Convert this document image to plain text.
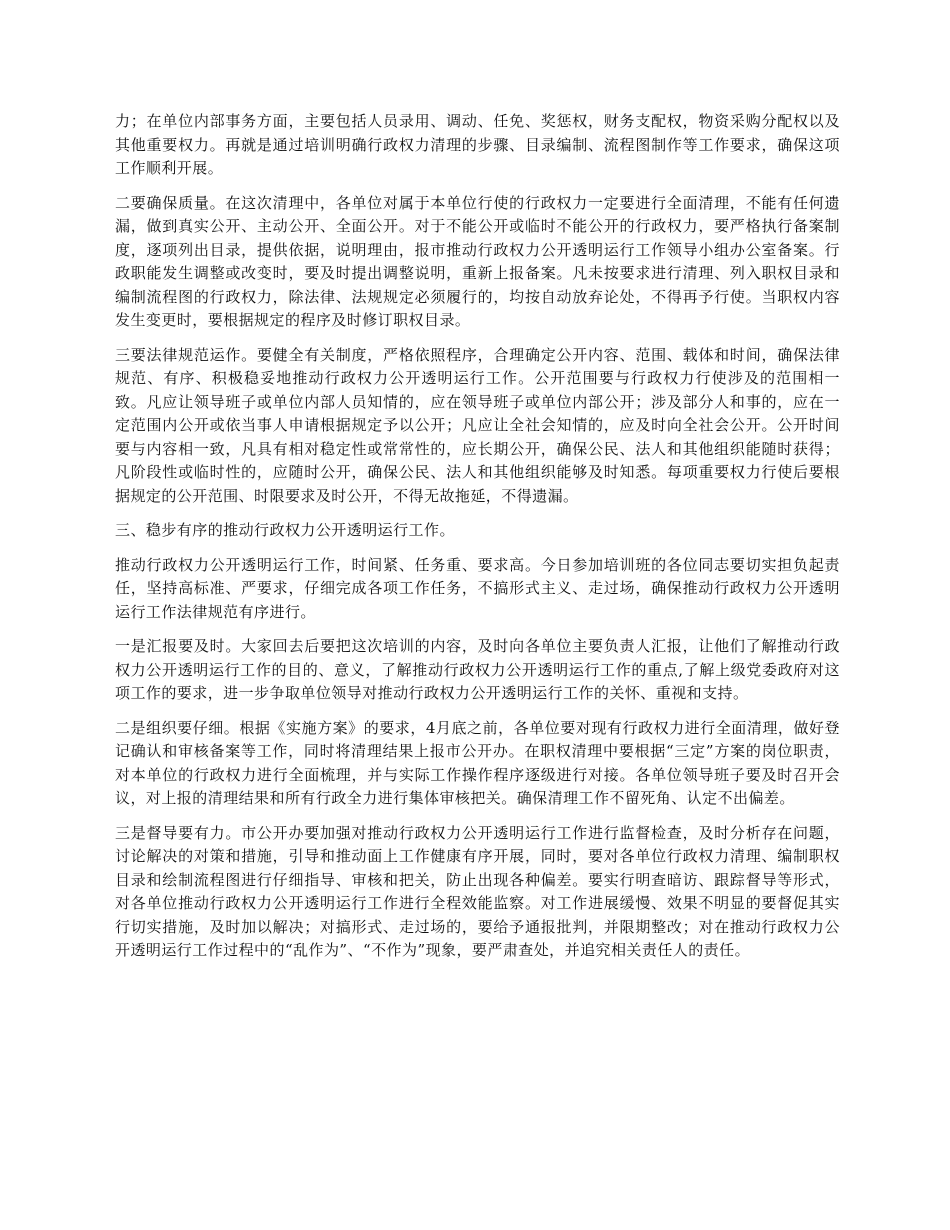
力；在单位内部事务方面，主要包括人员录用、调动、任免、奖惩权，财务支配权，物资采购分配权以及其他重要权力。再就是通过培训明确行政权力清理的步骤、目录编制、流程图制作等工作要求，确保这项工作顺利开展。

二要确保质量。在这次清理中，各单位对属于本单位行使的行政权力一定要进行全面清理，不能有任何遗漏，做到真实公开、主动公开、全面公开。对于不能公开或临时不能公开的行政权力，要严格执行备案制度，逐项列出目录，提供依据，说明理由，报市推动行政权力公开透明运行工作领导小组办公室备案。行政职能发生调整或改变时，要及时提出调整说明，重新上报备案。凡未按要求进行清理、列入职权目录和编制流程图的行政权力，除法律、法规规定必须履行的，均按自动放弃论处，不得再予行使。当职权内容发生变更时，要根据规定的程序及时修订职权目录。

三要法律规范运作。要健全有关制度，严格依照程序，合理确定公开内容、范围、载体和时间，确保法律规范、有序、积极稳妥地推动行政权力公开透明运行工作。公开范围要与行政权力行使涉及的范围相一致。凡应让领导班子或单位内部人员知情的，应在领导班子或单位内部公开；涉及部分人和事的，应在一定范围内公开或依当事人申请根据规定予以公开；凡应让全社会知情的，应及时向全社会公开。公开时间要与内容相一致，凡具有相对稳定性或常常性的，应长期公开，确保公民、法人和其他组织能随时获得；凡阶段性或临时性的，应随时公开，确保公民、法人和其他组织能够及时知悉。每项重要权力行使后要根据规定的公开范围、时限要求及时公开，不得无故拖延，不得遗漏。

三、稳步有序的推动行政权力公开透明运行工作。

推动行政权力公开透明运行工作，时间紧、任务重、要求高。今日参加培训班的各位同志要切实担负起责任，坚持高标准、严要求，仔细完成各项工作任务，不搞形式主义、走过场，确保推动行政权力公开透明运行工作法律规范有序进行。

一是汇报要及时。大家回去后要把这次培训的内容，及时向各单位主要负责人汇报，让他们了解推动行政权力公开透明运行工作的目的、意义，了解推动行政权力公开透明运行工作的重点,了解上级党委政府对这项工作的要求，进一步争取单位领导对推动行政权力公开透明运行工作的关怀、重视和支持。

二是组织要仔细。根据《实施方案》的要求，4月底之前，各单位要对现有行政权力进行全面清理，做好登记确认和审核备案等工作，同时将清理结果上报市公开办。在职权清理中要根据“三定”方案的岗位职责，对本单位的行政权力进行全面梳理，并与实际工作操作程序逐级进行对接。各单位领导班子要及时召开会议，对上报的清理结果和所有行政全力进行集体审核把关。确保清理工作不留死角、认定不出偏差。

三是督导要有力。市公开办要加强对推动行政权力公开透明运行工作进行监督检查，及时分析存在问题，讨论解决的对策和措施，引导和推动面上工作健康有序开展，同时，要对各单位行政权力清理、编制职权目录和绘制流程图进行仔细指导、审核和把关，防止出现各种偏差。要实行明查暗访、跟踪督导等形式，对各单位推动行政权力公开透明运行工作进行全程效能监察。对工作进展缓慢、效果不明显的要督促其实行切实措施，及时加以解决；对搞形式、走过场的，要给予通报批判，并限期整改；对在推动行政权力公开透明运行工作过程中的“乱作为”、“不作为”现象，要严肃查处，并追究相关责任人的责任。
